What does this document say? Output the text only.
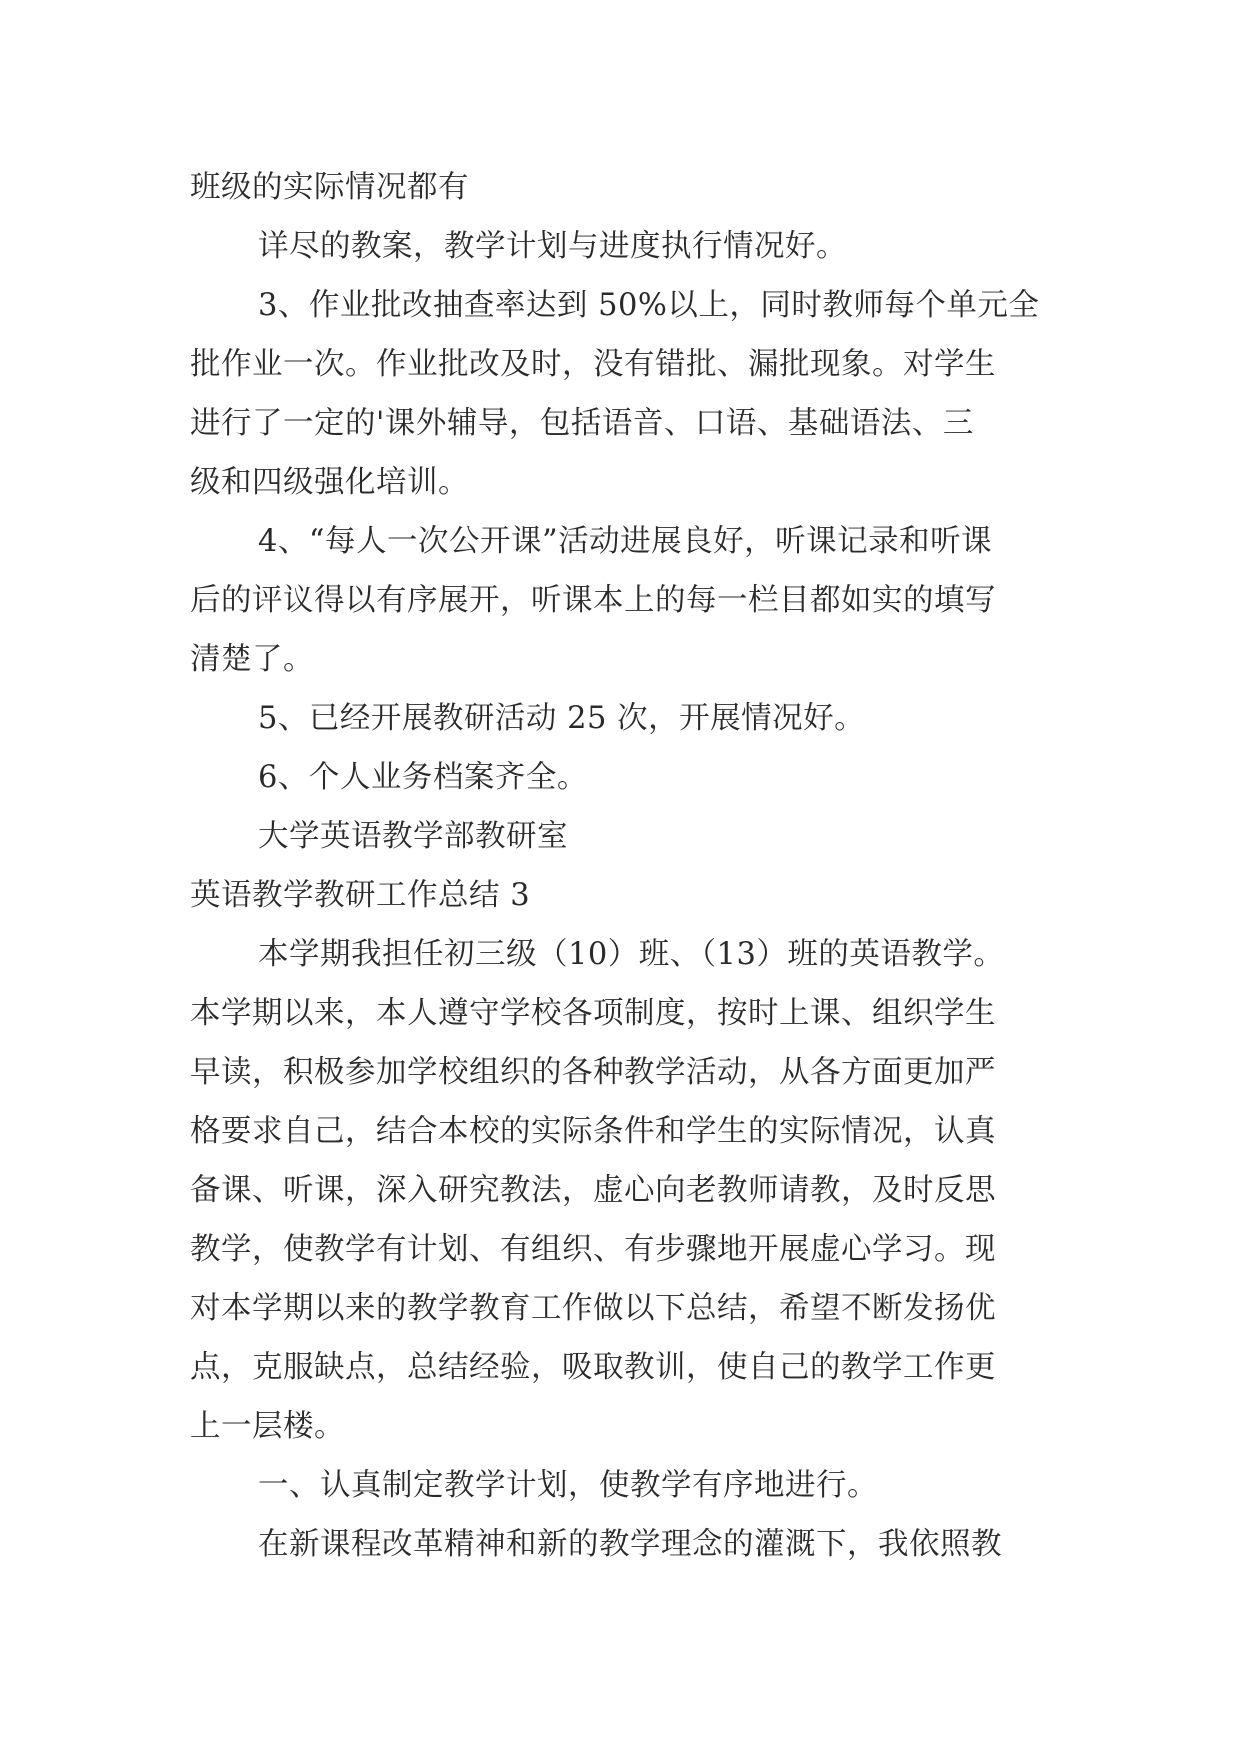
班级的实际情况都有
详尽的教案，教学计划与进度执行情况好。
3、作业批改抽查率达到 50%以上，同时教师每个单元全
批作业一次。作业批改及时，没有错批、漏批现象。对学生
进行了一定的'课外辅导，包括语音、口语、基础语法、三
级和四级强化培训。
4、“每人一次公开课”活动进展良好，听课记录和听课
后的评议得以有序展开，听课本上的每一栏目都如实的填写
清楚了。
5、已经开展教研活动 25 次，开展情况好。
6、个人业务档案齐全。
大学英语教学部教研室
英语教学教研工作总结 3
本学期我担任初三级（10）班、（13）班的英语教学。
本学期以来，本人遵守学校各项制度，按时上课、组织学生
早读，积极参加学校组织的各种教学活动，从各方面更加严
格要求自己，结合本校的实际条件和学生的实际情况，认真
备课、听课，深入研究教法，虚心向老教师请教，及时反思
教学，使教学有计划、有组织、有步骤地开展虚心学习。现
对本学期以来的教学教育工作做以下总结，希望不断发扬优
点，克服缺点，总结经验，吸取教训，使自己的教学工作更
上一层楼。
一、认真制定教学计划，使教学有序地进行。
在新课程改革精神和新的教学理念的灌溉下，我依照教
